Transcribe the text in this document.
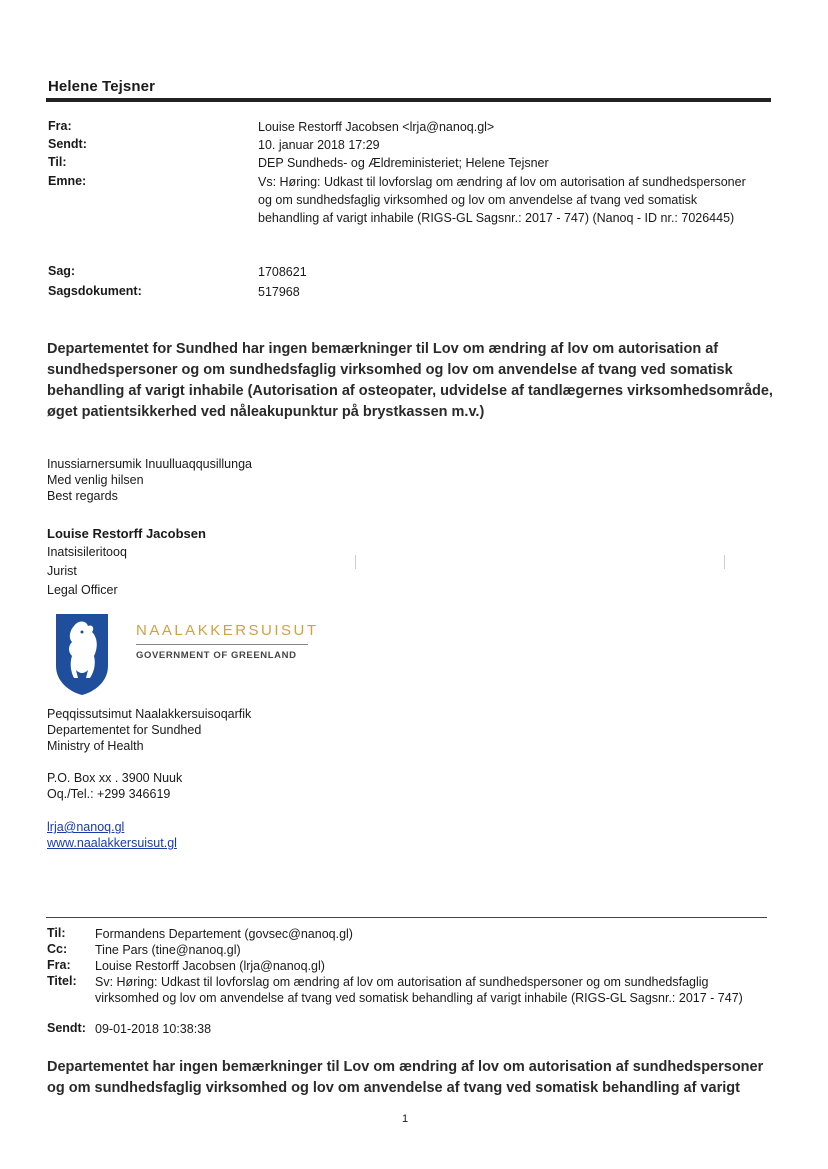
Helene Tejsner
Fra:	Louise Restorff Jacobsen <lrja@nanoq.gl>
Sendt:	10. januar 2018 17:29
Til:	DEP Sundheds- og Ældreministeriet; Helene Tejsner
Emne:	Vs: Høring: Udkast til lovforslag om ændring af lov om autorisation af sundhedspersoner og om sundhedsfaglig virksomhed og lov om anvendelse af tvang ved somatisk behandling af varigt inhabile (RIGS-GL Sagsnr.: 2017 - 747) (Nanoq - ID nr.: 7026445)
Sag:	1708621
Sagsdokument:	517968
Departementet for Sundhed har ingen bemærkninger til Lov om ændring af lov om autorisation af sundhedspersoner og om sundhedsfaglig virksomhed og lov om anvendelse af tvang ved somatisk behandling af varigt inhabile (Autorisation af osteopater, udvidelse af tandlægernes virksomhedsområde, øget patientsikkerhed ved nåleakupunktur på brystkassen m.v.)
Inussiarnersumik Inuulluaqqusillunga
Med venlig hilsen
Best regards
Louise Restorff Jacobsen
Inatsisileritooq
Jurist
Legal Officer
NAALAKKERSUISUT
GOVERNMENT OF GREENLAND
Peqqissutsimut Naalakkersuisoqarfik
Departementet for Sundhed
Ministry of Health
P.O. Box xx . 3900 Nuuk
Oq./Tel.: +299 346619
lrja@nanoq.gl
www.naalakkersuisut.gl
Til: Formandens Departement (govsec@nanoq.gl)
Cc: Tine Pars (tine@nanoq.gl)
Fra: Louise Restorff Jacobsen (lrja@nanoq.gl)
Titel: Sv: Høring: Udkast til lovforslag om ændring af lov om autorisation af sundhedspersoner og om sundhedsfaglig virksomhed og lov om anvendelse af tvang ved somatisk behandling af varigt inhabile (RIGS-GL Sagsnr.: 2017 - 747)
Sendt: 09-01-2018 10:38:38
Departementet har ingen bemærkninger til Lov om ændring af lov om autorisation af sundhedspersoner og om sundhedsfaglig virksomhed og lov om anvendelse af tvang ved somatisk behandling af varigt
1
